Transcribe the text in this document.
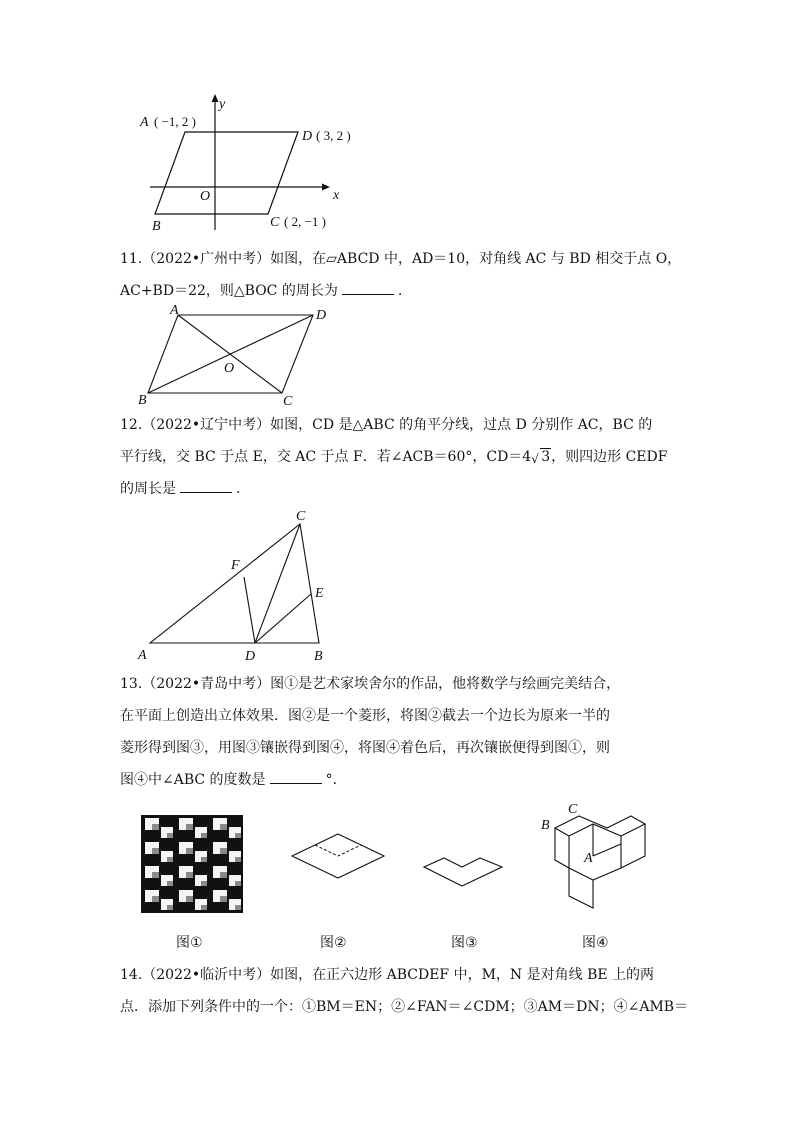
x
y
O
A ( −1, 2 )
D ( 3, 2 )
B	C ( 2, −1 )

11.（2022•广州中考）如图，在▱ABCD 中，AD＝10，对角线 AC 与 BD 相交于点 O，

AC+BD＝22，则△BOC 的周长为	.

A	D
B	C
O

12.（2022•辽宁中考）如图，CD 是△ABC 的角平分线，过点 D 分别作 AC，BC 的

平行线，交 BC 于点 E，交 AC 于点 F．若∠ACB＝60°，CD＝4 √ 3，则四边形 CEDF

的周长是	.

C
F
E
A	D	B

13.（2022•青岛中考）图①是艺术家埃舍尔的作品，他将数学与绘画完美结合，

在平面上创造出立体效果．图②是一个菱形，将图②截去一个边长为原来一半的

菱形得到图③，用图③镶嵌得到图④，将图④着色后，再次镶嵌便得到图①，则

图④中∠ABC 的度数是	°．

C
B
A
图①	图②	图③	图④

14.（2022•临沂中考）如图，在正六边形 ABCDEF 中，M，N 是对角线 BE 上的两

点．添加下列条件中的一个：①BM＝EN；②∠FAN＝∠CDM；③AM＝DN；④∠AMB＝
